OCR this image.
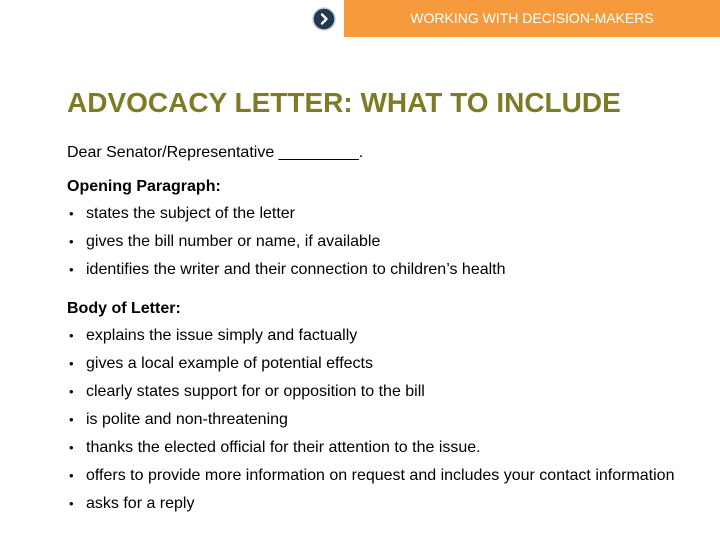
WORKING WITH DECISION-MAKERS
ADVOCACY LETTER: WHAT TO INCLUDE

Dear Senator/Representative _________.

Opening Paragraph:

• states the subject of the letter
• gives the bill number or name, if available
• identifies the writer and their connection to children’s health

Body of Letter:

• explains the issue simply and factually
• gives a local example of potential effects
• clearly states support for or opposition to the bill
• is polite and non-threatening
• thanks the elected official for their attention to the issue.
• offers to provide more information on request and includes your contact information
• asks for a reply
